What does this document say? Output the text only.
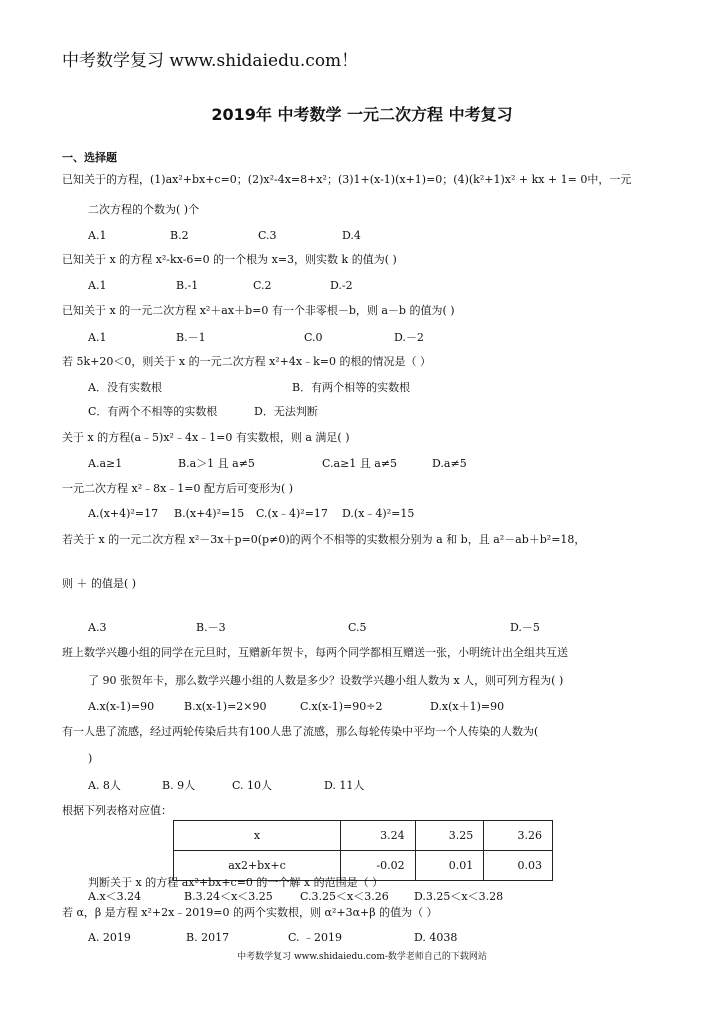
中考数学复习 www.shidaiedu.com！
2019年 中考数学 一元二次方程 中考复习
一、选择题
已知关于的方程，(1)ax²+bx+c=0；(2)x²-4x=8+x²；(3)1+(x-1)(x+1)=0；(4)(k²+1)x² + kx + 1= 0中，一元
二次方程的个数为( )个
A.1	B.2	C.3	D.4
已知关于 x 的方程 x²-kx-6=0 的一个根为 x=3，则实数 k 的值为( )
A.1	B.-1	C.2	D.-2
已知关于 x 的一元二次方程 x²＋ax＋b=0 有一个非零根－b，则 a－b 的值为( )
A.1	B.－1	C.0	D.－2
若 5k+20＜0，则关于 x 的一元二次方程 x²+4x﹣k=0 的根的情况是（ ）
A．没有实数根	B．有两个相等的实数根
C．有两个不相等的实数根	D．无法判断
关于 x 的方程(a﹣5)x²﹣4x﹣1=0 有实数根，则 a 满足( )
A.a≥1	B.a＞1 且 a≠5	C.a≥1 且 a≠5	D.a≠5
一元二次方程 x²﹣8x﹣1=0 配方后可变形为( )
A.(x+4)²=17 B.(x+4)²=15 C.(x﹣4)²=17 D.(x﹣4)²=15
若关于 x 的一元二次方程 x²－3x＋p=0(p≠0)的两个不相等的实数根分别为 a 和 b，且 a²－ab＋b²=18，
则 ＋ 的值是( )
A.3	B.－3	C.5	D.－5
班上数学兴趣小组的同学在元旦时，互赠新年贺卡，每两个同学都相互赠送一张，小明统计出全组共互送
了 90 张贺年卡，那么数学兴趣小组的人数是多少？设数学兴趣小组人数为 x 人，则可列方程为( )
A.x(x-1)=90	B.x(x-1)=2×90	C.x(x-1)=90÷2	D.x(x＋1)=90
有一人患了流感，经过两轮传染后共有100人患了流感，那么每轮传染中平均一个人传染的人数为(
)
A. 8人	B. 9人	C. 10人	D. 11人
根据下列表格对应值：
x	3.24	3.25	3.26
ax2+bx+c	-0.02	0.01	0.03
判断关于 x 的方程 ax²+bx+c=0 的一个解 x 的范围是（ ）
A.x＜3.24	B.3.24＜x＜3.25 C.3.25＜x＜3.26 D.3.25＜x＜3.28
若 α，β 是方程 x²+2x﹣2019=0 的两个实数根，则 α²+3α+β 的值为（ ）
A. 2019	B. 2017	C. ﹣2019	D. 4038
中考数学复习 www.shidaiedu.com-数学老师自己的下载网站
